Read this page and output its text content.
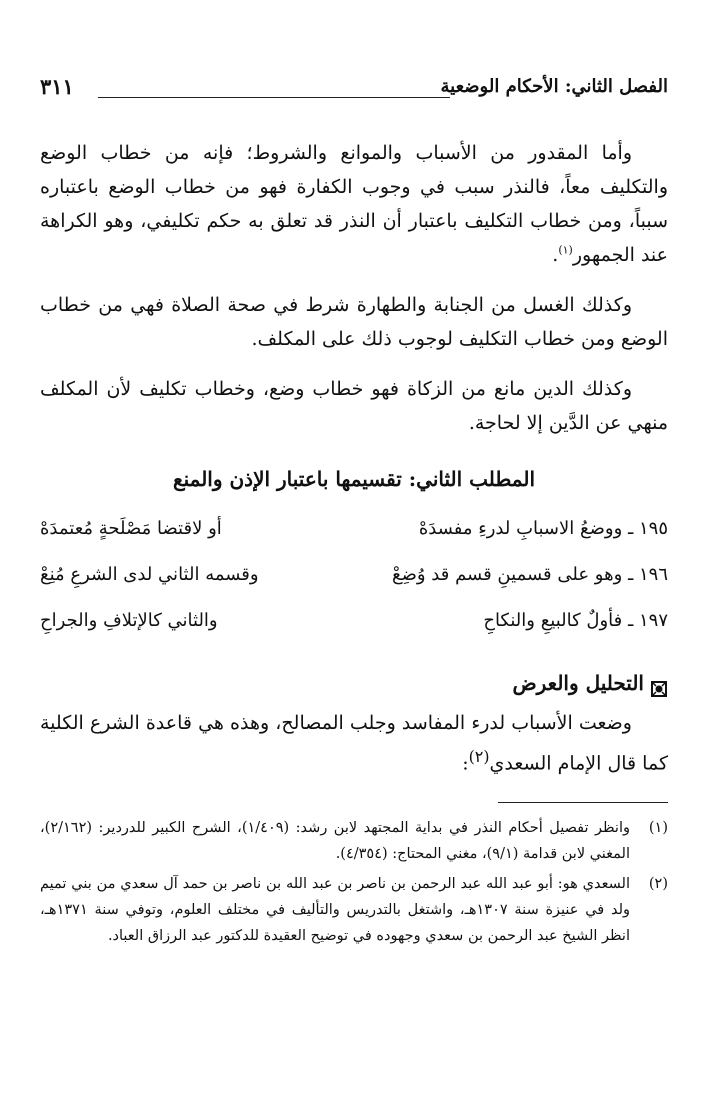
الفصل الثاني: الأحكام الوضعية
٣١١

وأما المقدور من الأسباب والموانع والشروط؛ فإنه من خطاب الوضع والتكليف معاً، فالنذر سبب في وجوب الكفارة فهو من خطاب الوضع باعتباره سبباً، ومن خطاب التكليف باعتبار أن النذر قد تعلق به حكم تكليفي، وهو الكراهة عند الجمهور$^{(١)}$.

وكذلك الغسل من الجنابة والطهارة شرط في صحة الصلاة فهي من خطاب الوضع ومن خطاب التكليف لوجوب ذلك على المكلف.

وكذلك الدين مانع من الزكاة فهو خطاب وضع، وخطاب تكليف لأن المكلف منهي عن الدَّين إلا لحاجة.

المطلب الثاني: تقسيمها باعتبار الإذن والمنع
١٩٥ ـ ووضعُ الاسبابِ لدرءِ مفسدَهْ
أو لاقتضا مَصْلَحةٍ مُعتمدَهْ
١٩٦ ـ وهو على قسمينِ قسم قد وُضِعْ
وقسمه الثاني لدى الشرعِ مُنِعْ
١٩٧ ـ فأولٌ كالبيعِ والنكاحِ
والثاني كالإتلافِ والجراحِ
التحليل والعرض

وضعت الأسباب لدرء المفاسد وجلب المصالح، وهذه هي قاعدة الشرع الكلية كما قال الإمام السعدي$^{(٢)}$:

(١)
وانظر تفصيل أحكام النذر في بداية المجتهد لابن رشد: (١/٤٠٩)، الشرح الكبير للدردير: (٢/١٦٢)، المغني لابن قدامة (٩/١)، مغني المحتاج: (٤/٣٥٤).
(٢)
السعدي هو: أبو عبد الله عبد الرحمن بن ناصر بن عبد الله بن ناصر بن حمد آل سعدي من بني تميم ولد في عنيزة سنة ١٣٠٧هـ، واشتغل بالتدريس والتأليف في مختلف العلوم، وتوفي سنة ١٣٧١هـ، انظر الشيخ عبد الرحمن بن سعدي وجهوده في توضيح العقيدة للدكتور عبد الرزاق العباد.
